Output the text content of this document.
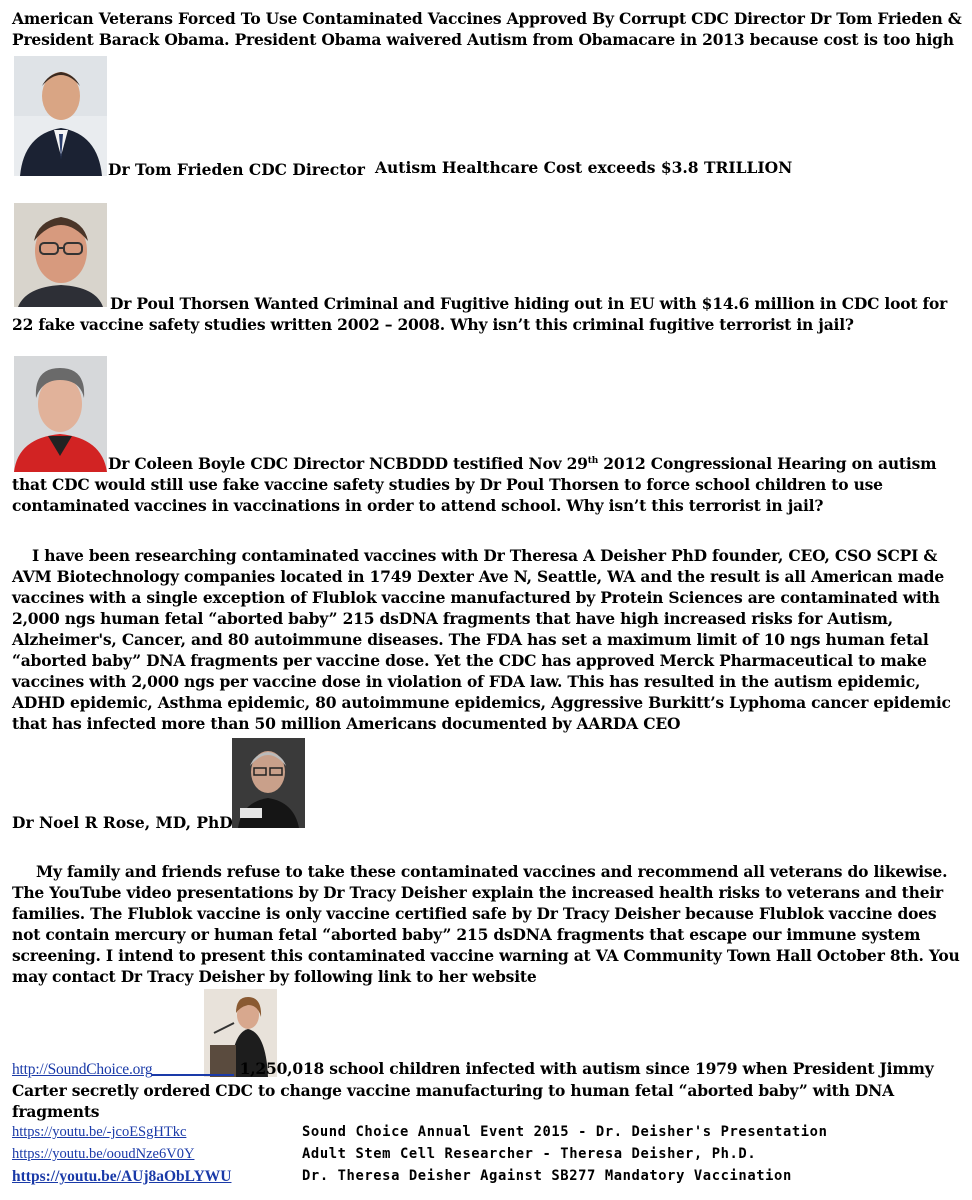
American Veterans Forced To Use Contaminated Vaccines Approved By Corrupt CDC Director Dr Tom Frieden & President Barack Obama. President Obama waivered Autism from Obamacare in 2013 because cost is too high
Dr Tom Frieden CDC Director Autism Healthcare Cost exceeds $3.8 TRILLION
Dr Poul Thorsen Wanted Criminal and Fugitive hiding out in EU with $14.6 million in CDC loot for 22 fake vaccine safety studies written 2002 – 2008. Why isn’t this criminal fugitive terrorist in jail?
Dr Coleen Boyle CDC Director NCBDDD testified Nov 29th 2012 Congressional Hearing on autism that CDC would still use fake vaccine safety studies by Dr Poul Thorsen to force school children to use contaminated vaccines in vaccinations in order to attend school. Why isn’t this terrorist in jail?
I have been researching contaminated vaccines with Dr Theresa A Deisher PhD founder, CEO, CSO SCPI & AVM Biotechnology companies located in 1749 Dexter Ave N, Seattle, WA and the result is all American made vaccines with a single exception of Flublok vaccine manufactured by Protein Sciences are contaminated with 2,000 ngs human fetal “aborted baby” 215 dsDNA fragments that have high increased risks for Autism, Alzheimer's, Cancer, and 80 autoimmune diseases. The FDA has set a maximum limit of 10 ngs human fetal “aborted baby” DNA fragments per vaccine dose. Yet the CDC has approved Merck Pharmaceutical to make vaccines with 2,000 ngs per vaccine dose in violation of FDA law. This has resulted in the autism epidemic, ADHD epidemic, Asthma epidemic, 80 autoimmune epidemics, Aggressive Burkitt’s Lyphoma cancer epidemic that has infected more than 50 million Americans documented by AARDA CEO
Dr Noel R Rose, MD, PhD
My family and friends refuse to take these contaminated vaccines and recommend all veterans do likewise. The YouTube video presentations by Dr Tracy Deisher explain the increased health risks to veterans and their families. The Flublok vaccine is only vaccine certified safe by Dr Tracy Deisher because Flublok vaccine does not contain mercury or human fetal “aborted baby” 215 dsDNA fragments that escape our immune system screening. I intend to present this contaminated vaccine warning at VA Community Town Hall October 8th. You may contact Dr Tracy Deisher by following link to her website
http://SoundChoice.org	1,250,018 school children infected with autism since 1979 when President Jimmy Carter secretly ordered CDC to change vaccine manufacturing to human fetal “aborted baby” with DNA fragments
https://youtu.be/-jcoESgHTkc	Sound Choice Annual Event 2015 - Dr. Deisher's Presentation
https://youtu.be/ooudNze6V0Y	Adult Stem Cell Researcher - Theresa Deisher, Ph.D.
https://youtu.be/AUj8aObLYWU	Dr. Theresa Deisher Against SB277 Mandatory Vaccination
